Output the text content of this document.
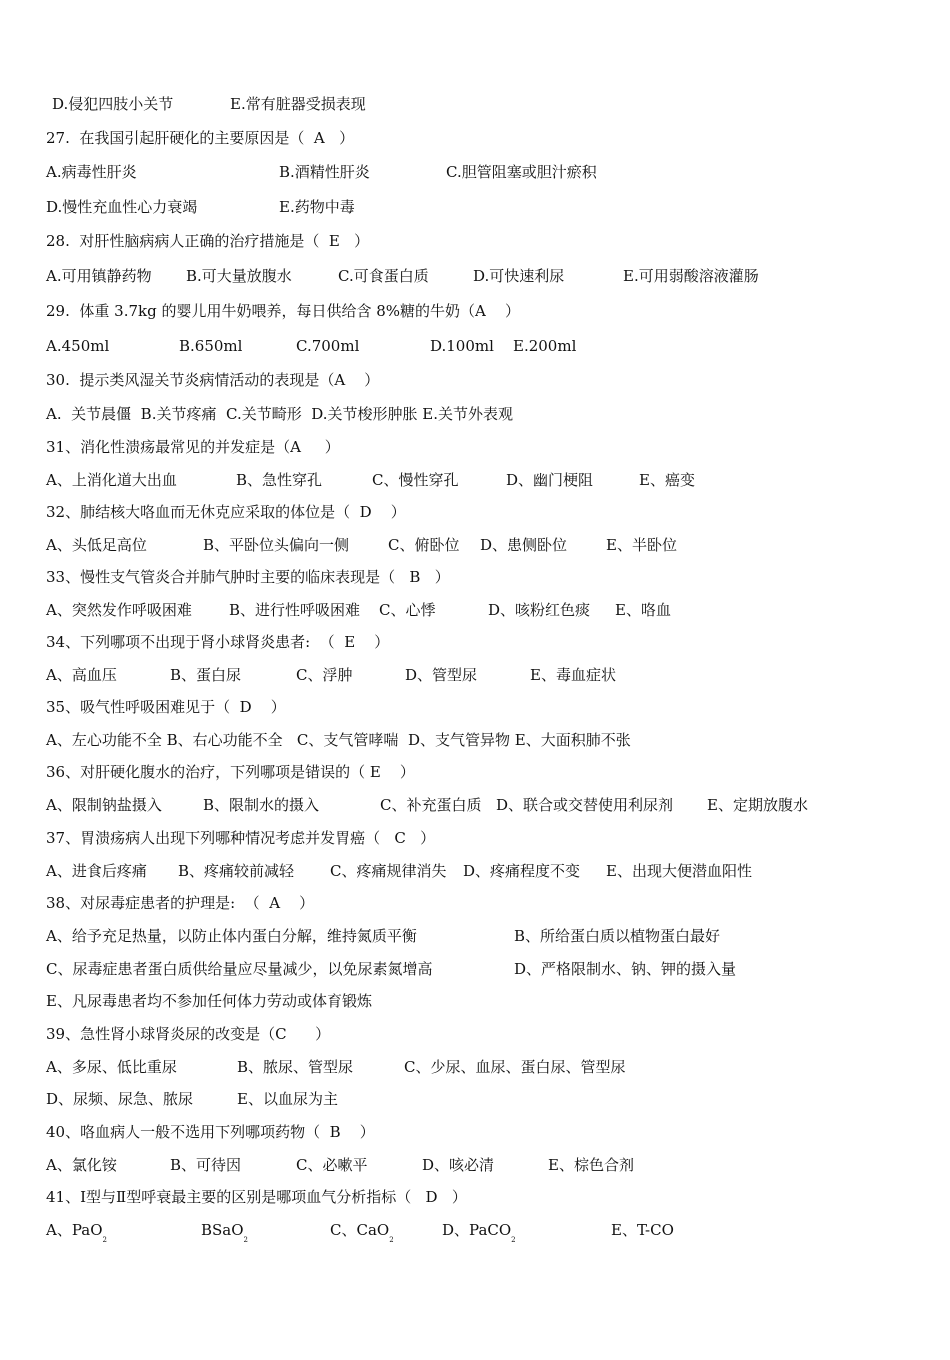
D.侵犯四肢小关节

	E.常有脏器受损表现

27.  在我国引起肝硬化的主要原因是（  A   ）

A.病毒性肝炎

	B.酒精性肝炎

	C.胆管阻塞或胆汁瘀积

D.慢性充血性心力衰竭

	E.药物中毒

28.  对肝性脑病病人正确的治疗措施是（  E   ）

A.可用镇静药物

B.可大量放腹水

	C.可食蛋白质

	D.可快速利尿

	E.可用弱酸溶液灌肠

29.  体重 3.7kg 的婴儿用牛奶喂养，每日供给含 8%糖的牛奶（A    ）

A.450ml

	B.650ml

	C.700ml

	D.100ml

E.200ml

30.  提示类风湿关节炎病情活动的表现是（A    ）
A.  关节晨僵  B.关节疼痛  C.关节畸形  D.关节梭形肿胀 E.关节外表观
31、消化性溃疡最常见的并发症是（A     ）

A、上消化道大出血

	B、急性穿孔

	C、慢性穿孔

	D、幽门梗阻

	E、癌变

32、肺结核大咯血而无休克应采取的体位是（  D    ）

A、头低足高位

	B、平卧位头偏向一侧

	C、俯卧位

D、患侧卧位

	E、半卧位

33、慢性支气管炎合并肺气肿时主要的临床表现是（   B   ）

A、突然发作呼吸困难

B、进行性呼吸困难

C、心悸

	D、咳粉红色痰

E、咯血

34、下列哪项不出现于肾小球肾炎患者:  （  E    ）

A、高血压

	B、蛋白尿

	C、浮肿

	D、管型尿

	E、毒血症状

35、吸气性呼吸困难见于（  D    ）
A、左心功能不全 B、右心功能不全   C、支气管哮喘  D、支气管异物 E、大面积肺不张
36、对肝硬化腹水的治疗，下列哪项是错误的（ E    ）

A、限制钠盐摄入

	B、限制水的摄入

	C、补充蛋白质

D、联合或交替使用利尿剂

E、定期放腹水

37、胃溃疡病人出现下列哪种情况考虑并发胃癌（   C   ）

A、进食后疼痛

B、疼痛较前减轻

C、疼痛规律消失

D、疼痛程度不变

E、出现大便潜血阳性

38、对尿毒症患者的护理是:  （  A    ）

A、给予充足热量，以防止体内蛋白分解，维持氮质平衡

	B、所给蛋白质以植物蛋白最好

C、尿毒症患者蛋白质供给量应尽量减少，以免尿素氮增高

	D、严格限制水、钠、钾的摄入量

E、凡尿毒患者均不参加任何体力劳动或体育锻炼

39、急性肾小球肾炎尿的改变是（C      ）

A、多尿、低比重尿

	B、脓尿、管型尿

	C、少尿、血尿、蛋白尿、管型尿

D、尿频、尿急、脓尿

	E、以血尿为主

40、咯血病人一般不选用下列哪项药物（  B    ）

A、氯化铵

	B、可待因

	C、必嗽平

	D、咳必清

	E、棕色合剂

41、Ⅰ型与Ⅱ型呼衰最主要的区别是哪项血气分析指标（   D   ）

A、PaO$_2$

BSaO$_2$

C、CaO$_2$

D、PaCO$_2$

E、T-CO
